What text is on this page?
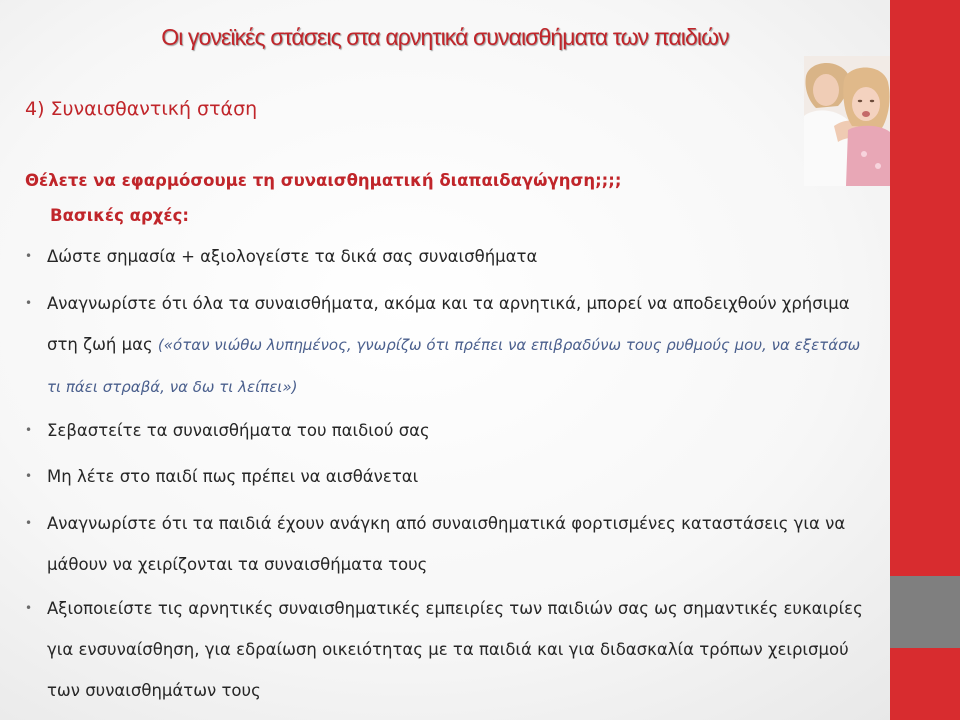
Οι γονεϊκές στάσεις στα αρνητικά συναισθήματα των παιδιών
4) Συναισθαντική στάση
Θέλετε να εφαρμόσουμε τη συναισθηματική διαπαιδαγώγηση;;;;
Βασικές αρχές:
• Δώστε σημασία + αξιολογείστε τα δικά σας συναισθήματα
• Αναγνωρίστε ότι όλα τα συναισθήματα, ακόμα και τα αρνητικά, μπορεί να αποδειχθούν χρήσιμα στη ζωή μας («όταν νιώθω λυπημένος, γνωρίζω ότι πρέπει να επιβραδύνω τους ρυθμούς μου, να εξετάσω τι πάει στραβά, να δω τι λείπει»)
• Σεβαστείτε τα συναισθήματα του παιδιού σας
• Μη λέτε στο παιδί πως πρέπει να αισθάνεται
• Αναγνωρίστε ότι τα παιδιά έχουν ανάγκη από συναισθηματικά φορτισμένες καταστάσεις για να μάθουν να χειρίζονται τα συναισθήματα τους
• Αξιοποιείστε τις αρνητικές συναισθηματικές εμπειρίες των παιδιών σας ως σημαντικές ευκαιρίες για ενσυναίσθηση, για εδραίωση οικειότητας με τα παιδιά και για διδασκαλία τρόπων χειρισμού των συναισθημάτων τους
